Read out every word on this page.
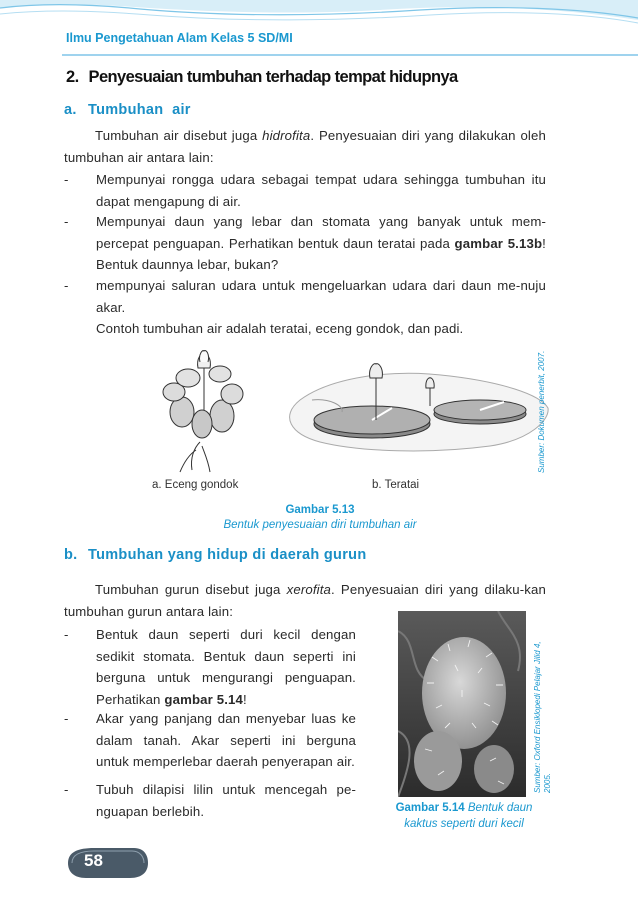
Ilmu Pengetahuan Alam Kelas 5 SD/MI
2. Penyesuaian tumbuhan terhadap tempat hidupnya
a. Tumbuhan  air
Tumbuhan air disebut juga hidrofita. Penyesuaian diri yang dilakukan oleh tumbuhan air antara lain:
- Mempunyai rongga udara sebagai tempat udara sehingga tumbuhan itu dapat mengapung di air.
- Mempunyai daun yang lebar dan stomata yang banyak untuk mem-percepat penguapan. Perhatikan bentuk daun teratai pada gambar 5.13b! Bentuk daunnya lebar, bukan?
- mempunyai saluran udara untuk mengeluarkan udara dari daun me-nuju akar.
Contoh tumbuhan air adalah teratai, eceng gondok, dan padi.
a. Eceng gondok	b. Teratai
Gambar 5.13
Bentuk penyesuaian diri tumbuhan air
Sumber: Dokumen penerbit, 2007.
b. Tumbuhan yang hidup di daerah gurun
Tumbuhan gurun disebut juga xerofita. Penyesuaian diri yang dilaku-kan tumbuhan gurun antara lain:
- Bentuk daun seperti duri kecil dengan sedikit stomata. Bentuk daun seperti ini berguna untuk mengurangi penguapan. Perhatikan gambar 5.14!
- Akar yang panjang dan menyebar luas ke dalam tanah. Akar seperti ini berguna untuk memperlebar daerah penyerapan air.
- Tubuh dilapisi lilin untuk mencegah pe-nguapan berlebih.
Sumber: Oxford Ensiklopedi Pelajar Jilid 4, 2005.
Gambar 5.14 Bentuk daun kaktus seperti duri kecil
58
